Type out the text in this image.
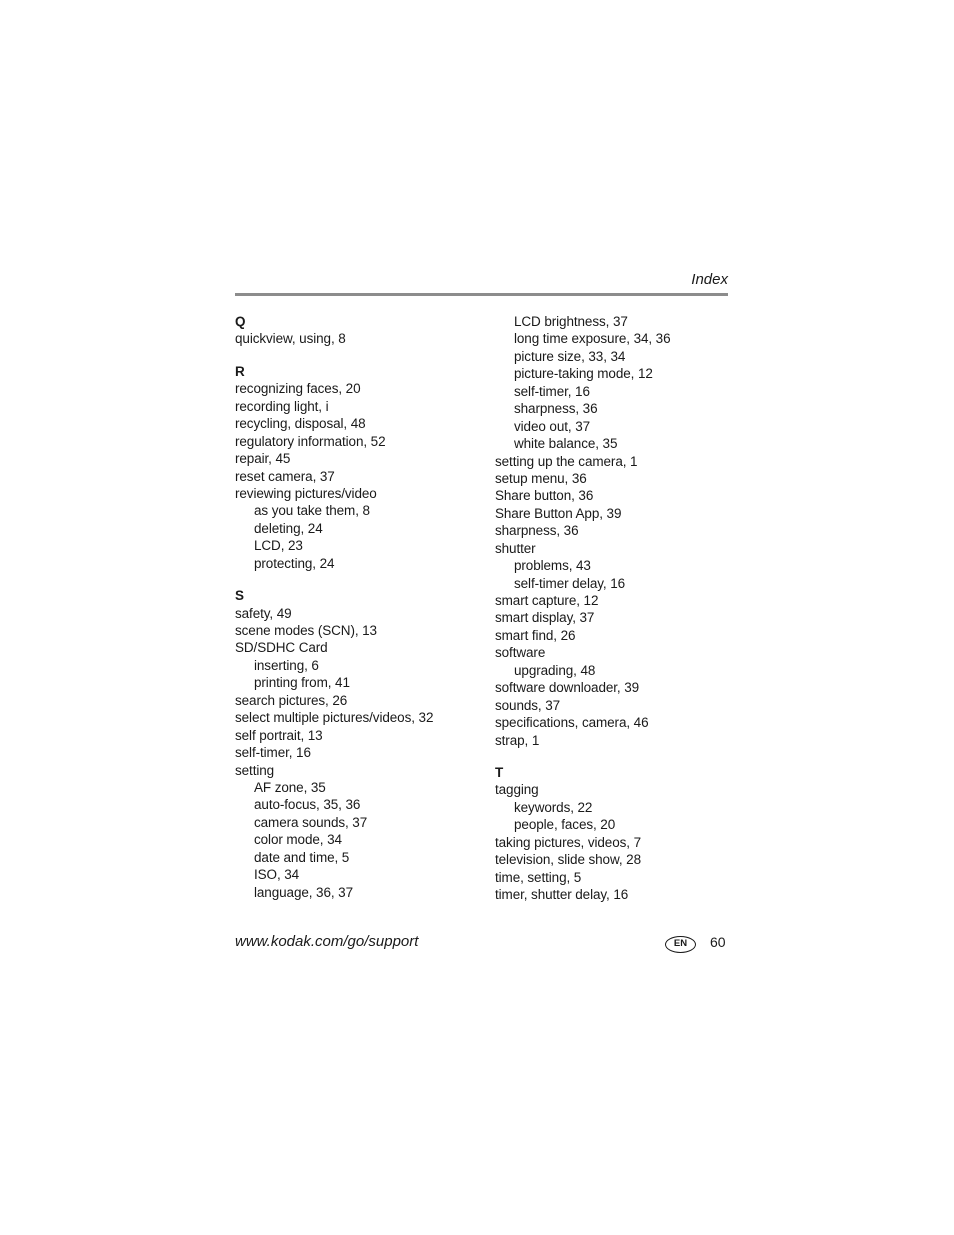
Index
Q
quickview, using, 8
R
recognizing faces, 20
recording light, i
recycling, disposal, 48
regulatory information, 52
repair, 45
reset camera, 37
reviewing pictures/video
as you take them, 8
deleting, 24
LCD, 23
protecting, 24
S
safety, 49
scene modes (SCN), 13
SD/SDHC Card
inserting, 6
printing from, 41
search pictures, 26
select multiple pictures/videos, 32
self portrait, 13
self-timer, 16
setting
AF zone, 35
auto-focus, 35, 36
camera sounds, 37
color mode, 34
date and time, 5
ISO, 34
language, 36, 37
LCD brightness, 37
long time exposure, 34, 36
picture size, 33, 34
picture-taking mode, 12
self-timer, 16
sharpness, 36
video out, 37
white balance, 35
setting up the camera, 1
setup menu, 36
Share button, 36
Share Button App, 39
sharpness, 36
shutter
problems, 43
self-timer delay, 16
smart capture, 12
smart display, 37
smart find, 26
software
upgrading, 48
software downloader, 39
sounds, 37
specifications, camera, 46
strap, 1
T
tagging
keywords, 22
people, faces, 20
taking pictures, videos, 7
television, slide show, 28
time, setting, 5
timer, shutter delay, 16
www.kodak.com/go/support	EN	60
